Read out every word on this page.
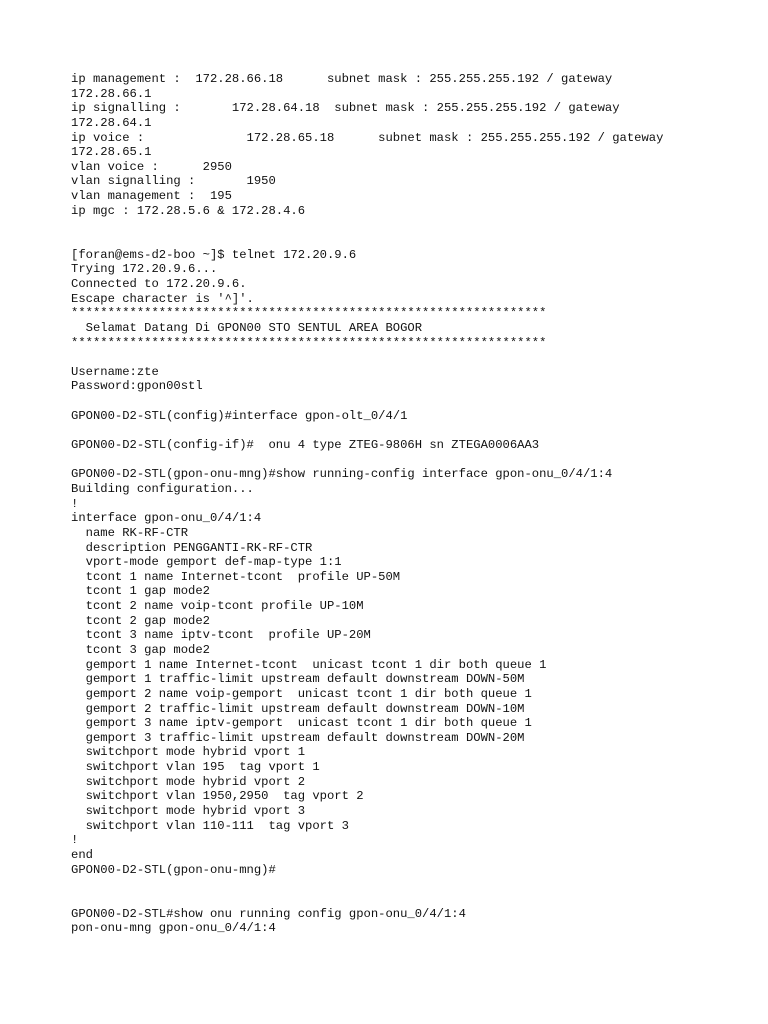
ip management :  172.28.66.18      subnet mask : 255.255.255.192 / gateway
172.28.66.1
ip signalling :       172.28.64.18  subnet mask : 255.255.255.192 / gateway
172.28.64.1
ip voice :              172.28.65.18      subnet mask : 255.255.255.192 / gateway
172.28.65.1
vlan voice :      2950
vlan signalling :       1950
vlan management :  195
ip mgc : 172.28.5.6 & 172.28.4.6
[foran@ems-d2-boo ~]$ telnet 172.20.9.6
Trying 172.20.9.6...
Connected to 172.20.9.6.
Escape character is '^]'.
*****************************************************************
Selamat Datang Di GPON00 STO SENTUL AREA BOGOR
*****************************************************************
Username:zte
Password:gpon00stl
GPON00-D2-STL(config)#interface gpon-olt_0/4/1
GPON00-D2-STL(config-if)#  onu 4 type ZTEG-9806H sn ZTEGA0006AA3
GPON00-D2-STL(gpon-onu-mng)#show running-config interface gpon-onu_0/4/1:4
Building configuration...
!
interface gpon-onu_0/4/1:4
name RK-RF-CTR
description PENGGANTI-RK-RF-CTR
vport-mode gemport def-map-type 1:1
tcont 1 name Internet-tcont  profile UP-50M
tcont 1 gap mode2
tcont 2 name voip-tcont profile UP-10M
tcont 2 gap mode2
tcont 3 name iptv-tcont  profile UP-20M
tcont 3 gap mode2
gemport 1 name Internet-tcont  unicast tcont 1 dir both queue 1
gemport 1 traffic-limit upstream default downstream DOWN-50M
gemport 2 name voip-gemport  unicast tcont 1 dir both queue 1
gemport 2 traffic-limit upstream default downstream DOWN-10M
gemport 3 name iptv-gemport  unicast tcont 1 dir both queue 1
gemport 3 traffic-limit upstream default downstream DOWN-20M
switchport mode hybrid vport 1
switchport vlan 195  tag vport 1
switchport mode hybrid vport 2
switchport vlan 1950,2950  tag vport 2
switchport mode hybrid vport 3
switchport vlan 110-111  tag vport 3
!
end
GPON00-D2-STL(gpon-onu-mng)#
GPON00-D2-STL#show onu running config gpon-onu_0/4/1:4
pon-onu-mng gpon-onu_0/4/1:4
